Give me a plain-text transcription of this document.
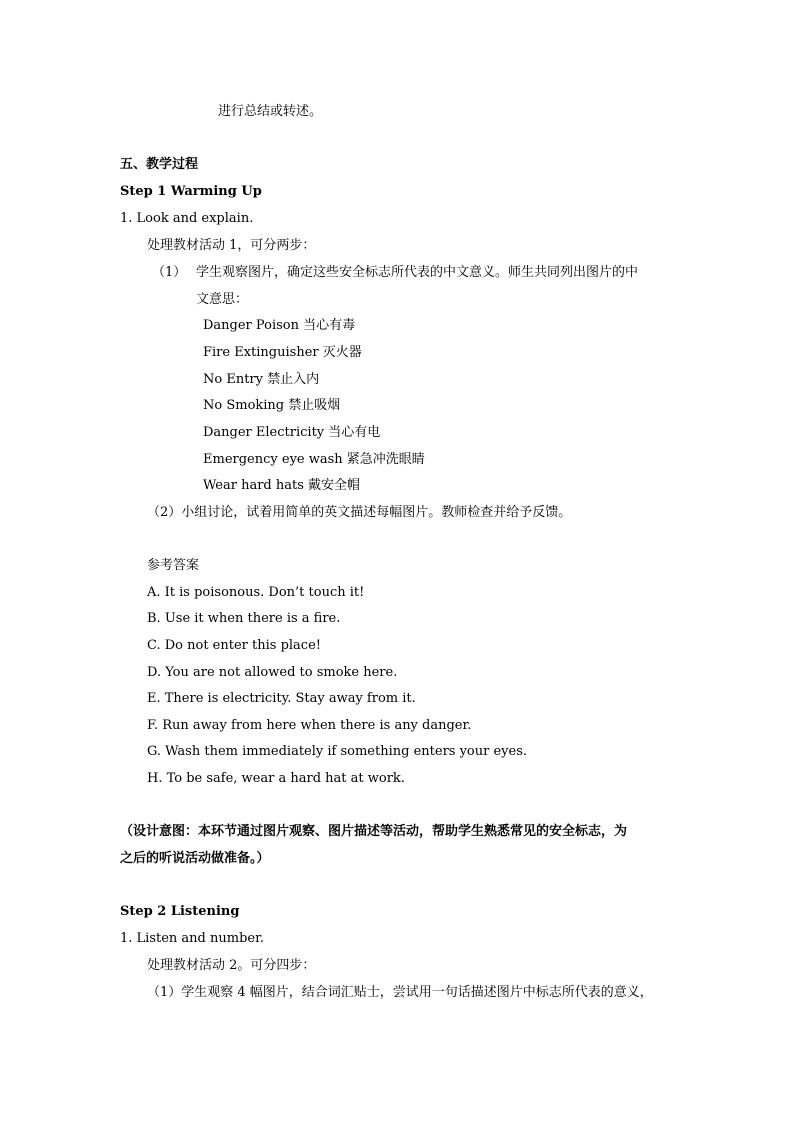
进行总结或转述。
五、教学过程
Step 1 Warming Up
1. Look and explain.
处理教材活动 1，可分两步：
（1） 学生观察图片，确定这些安全标志所代表的中文意义。师生共同列出图片的中
文意思：
Danger Poison 当心有毒
Fire Extinguisher 灭火器
No Entry 禁止入内
No Smoking 禁止吸烟
Danger Electricity 当心有电
Emergency eye wash 紧急冲洗眼睛
Wear hard hats 戴安全帽
（2）小组讨论，试着用简单的英文描述每幅图片。教师检查并给予反馈。
参考答案
A. It is poisonous. Don’t touch it!
B. Use it when there is a fire.
C. Do not enter this place!
D. You are not allowed to smoke here.
E. There is electricity. Stay away from it.
F. Run away from here when there is any danger.
G. Wash them immediately if something enters your eyes.
H. To be safe, wear a hard hat at work.
（设计意图：本环节通过图片观察、图片描述等活动，帮助学生熟悉常见的安全标志，为
之后的听说活动做准备。）
Step 2 Listening
1. Listen and number.
处理教材活动 2。可分四步：
（1）学生观察 4 幅图片，结合词汇贴士，尝试用一句话描述图片中标志所代表的意义，
